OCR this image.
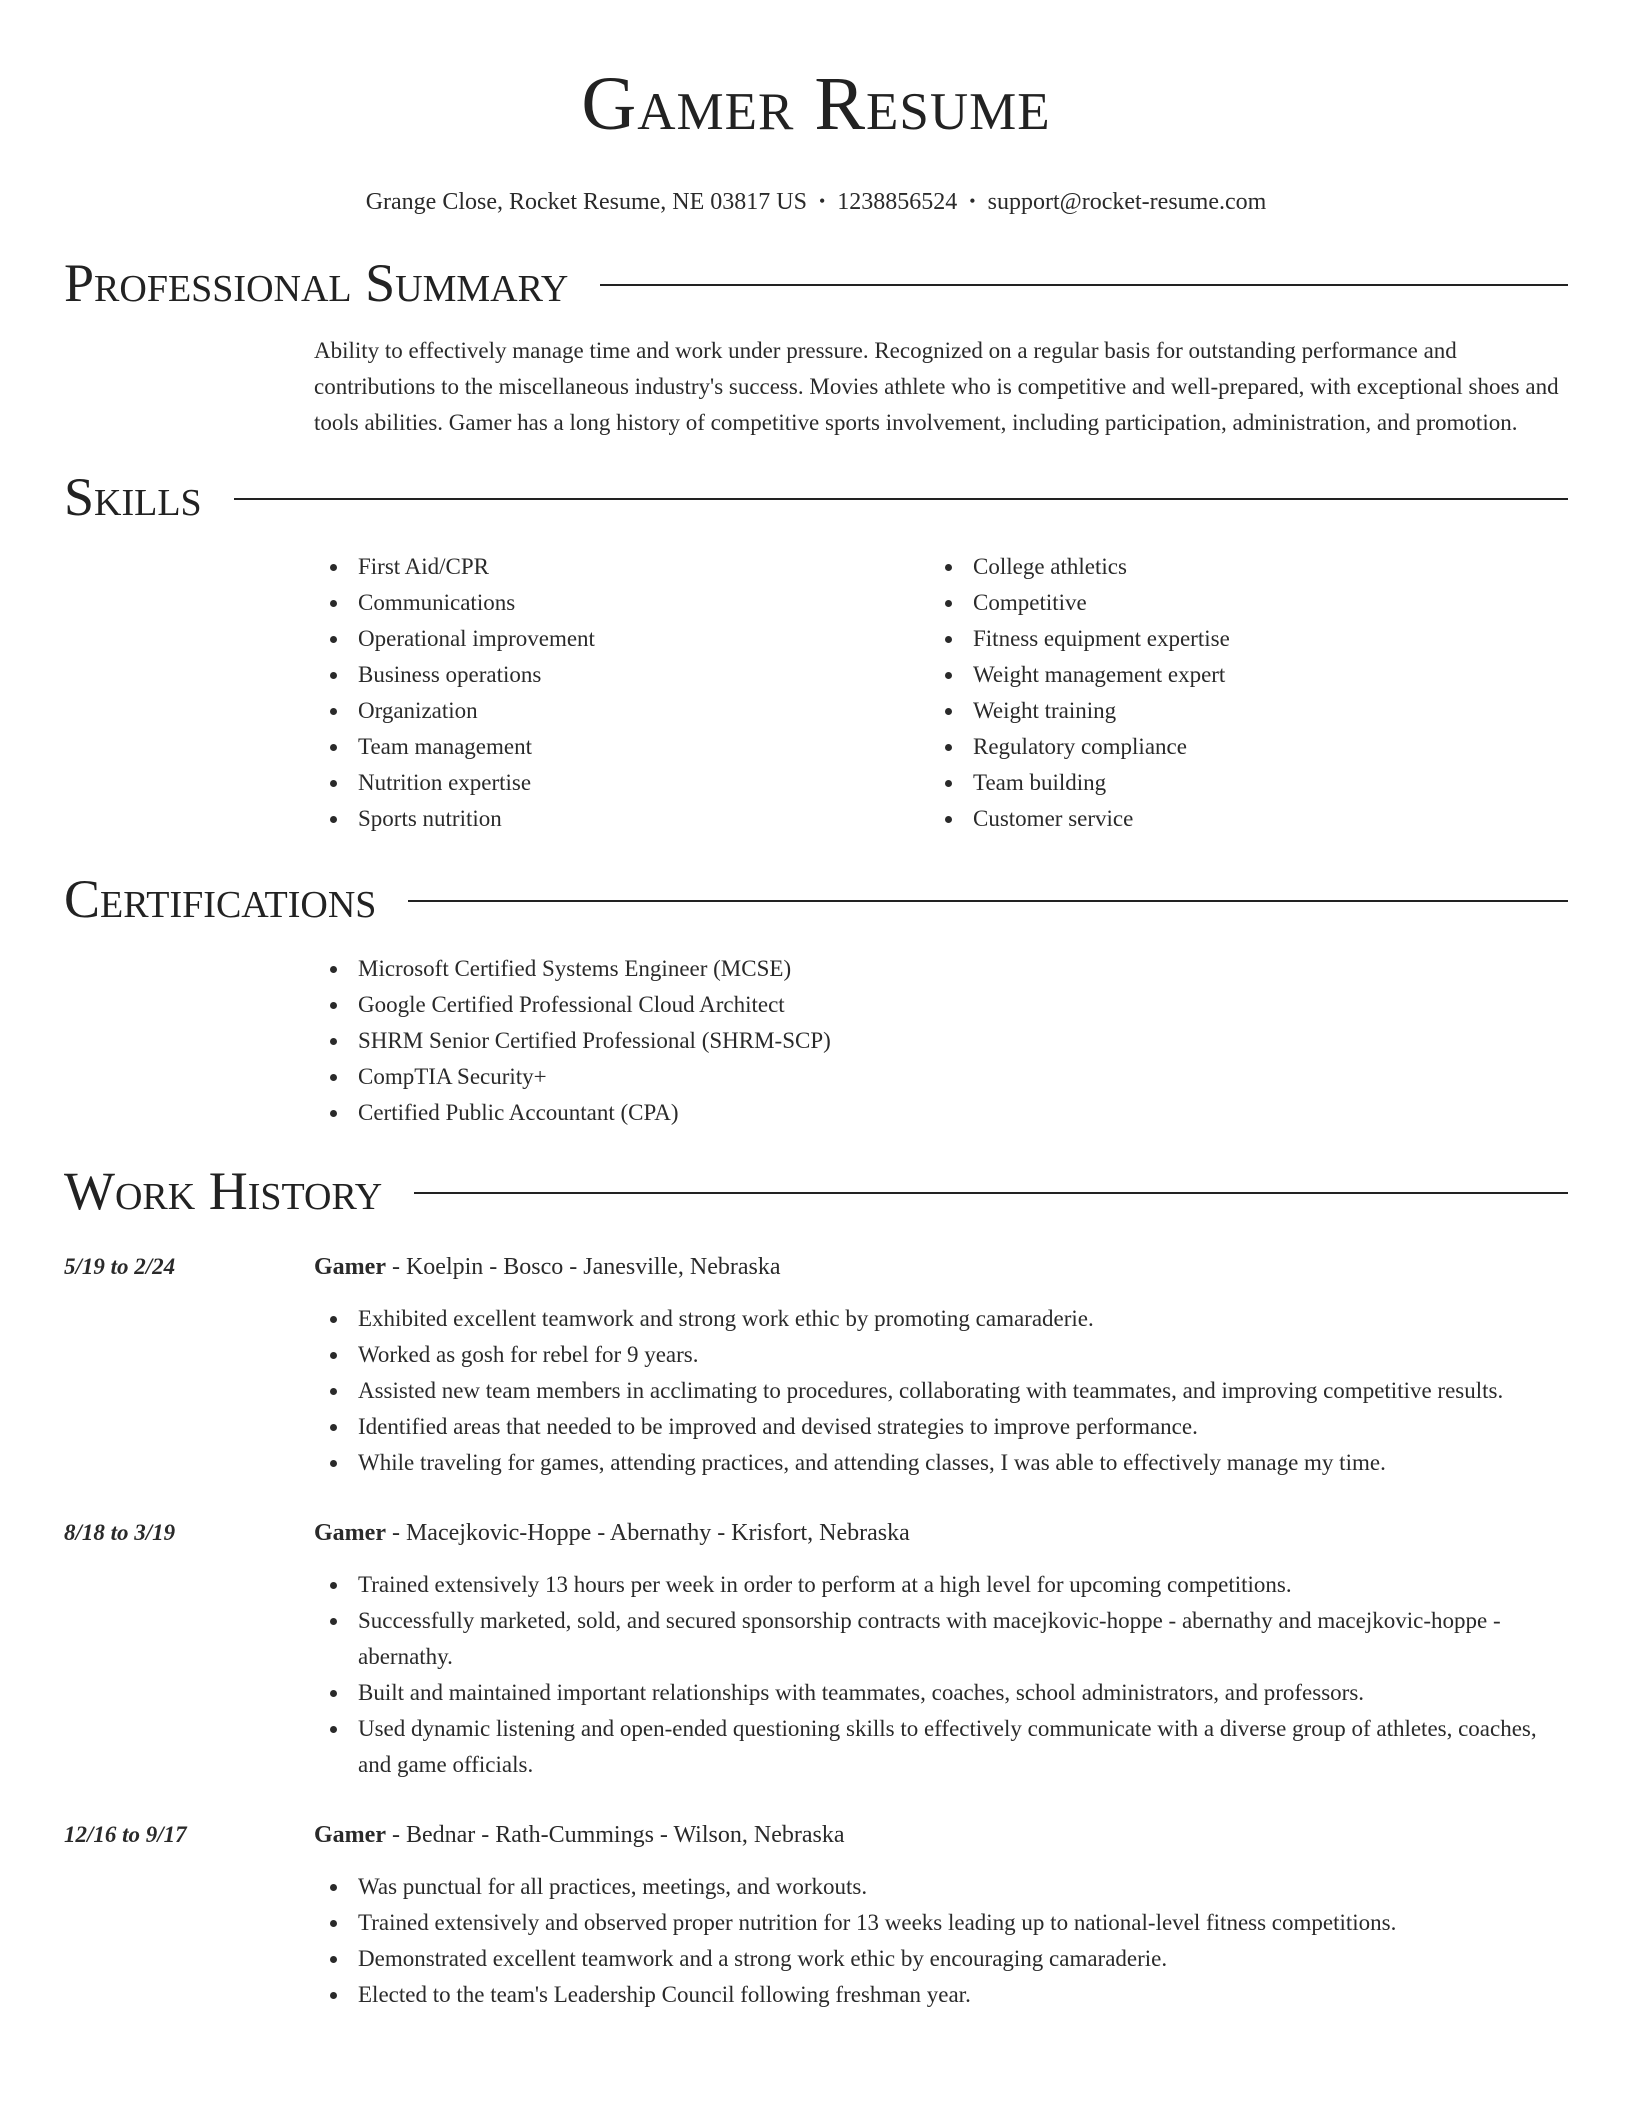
Gamer Resume
Grange Close, Rocket Resume, NE 03817 US • 1238856524 • support@rocket-resume.com
Professional Summary

Ability to effectively manage time and work under pressure. Recognized on a regular basis for outstanding performance and contributions to the miscellaneous industry's success. Movies athlete who is competitive and well-prepared, with exceptional shoes and tools abilities. Gamer has a long history of competitive sports involvement, including participation, administration, and promotion.

Skills
First Aid/CPR
Communications
Operational improvement
Business operations
Organization
Team management
Nutrition expertise
Sports nutrition
College athletics
Competitive
Fitness equipment expertise
Weight management expert
Weight training
Regulatory compliance
Team building
Customer service
Certifications
Microsoft Certified Systems Engineer (MCSE)
Google Certified Professional Cloud Architect
SHRM Senior Certified Professional (SHRM-SCP)
CompTIA Security+
Certified Public Accountant (CPA)
Work History
5/19 to 2/24	Gamer - Koelpin - Bosco - Janesville, Nebraska
Exhibited excellent teamwork and strong work ethic by promoting camaraderie.
Worked as gosh for rebel for 9 years.
Assisted new team members in acclimating to procedures, collaborating with teammates, and improving competitive results.
Identified areas that needed to be improved and devised strategies to improve performance.
While traveling for games, attending practices, and attending classes, I was able to effectively manage my time.
8/18 to 3/19	Gamer - Macejkovic-Hoppe - Abernathy - Krisfort, Nebraska
Trained extensively 13 hours per week in order to perform at a high level for upcoming competitions.
Successfully marketed, sold, and secured sponsorship contracts with macejkovic-hoppe - abernathy and macejkovic-hoppe - abernathy.
Built and maintained important relationships with teammates, coaches, school administrators, and professors.
Used dynamic listening and open-ended questioning skills to effectively communicate with a diverse group of athletes, coaches, and game officials.
12/16 to 9/17	Gamer - Bednar - Rath-Cummings - Wilson, Nebraska
Was punctual for all practices, meetings, and workouts.
Trained extensively and observed proper nutrition for 13 weeks leading up to national-level fitness competitions.
Demonstrated excellent teamwork and a strong work ethic by encouraging camaraderie.
Elected to the team's Leadership Council following freshman year.
